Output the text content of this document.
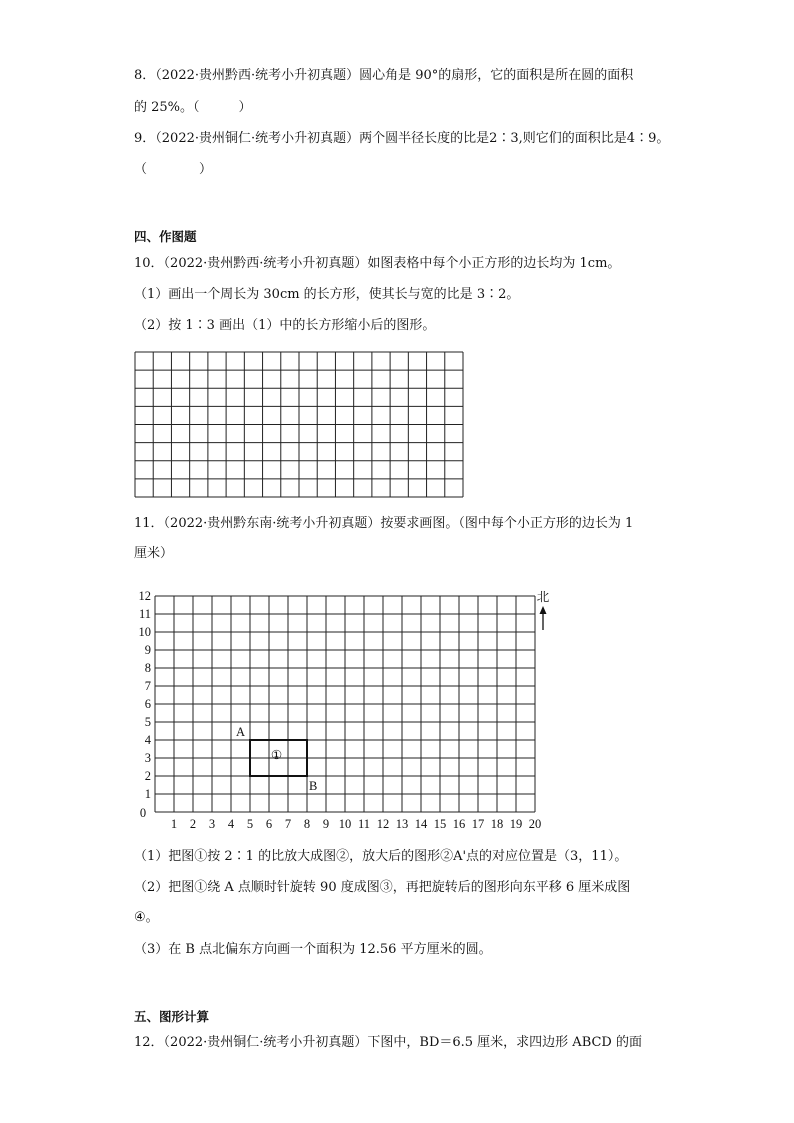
8．（2022·贵州黔西·统考小升初真题）圆心角是 90°的扇形，它的面积是所在圆的面积
的 25%。（　　　）
9．（2022·贵州铜仁·统考小升初真题）两个圆半径长度的比是2∶3,则它们的面积比是4∶9。
（　　　　）
四、作图题
10．（2022·贵州黔西·统考小升初真题）如图表格中每个小正方形的边长均为 1cm。
（1）画出一个周长为 30cm 的长方形，使其长与宽的比是 3∶2。
（2）按 1∶3 画出（1）中的长方形缩小后的图形。
11．（2022·贵州黔东南·统考小升初真题）按要求画图。（图中每个小正方形的边长为 1
厘米）
0
1 2 3 4 5 6 7 8 9 10 11 12 13 14 15 16 17 18 19 20
1
2
3
4
5
6
7
8
9
10
11
12
A
B
①
北
（1）把图①按 2∶1 的比放大成图②，放大后的图形②A'点的对应位置是（3，11）。
（2）把图①绕 A 点顺时针旋转 90 度成图③，再把旋转后的图形向东平移 6 厘米成图
④。
（3）在 B 点北偏东方向画一个面积为 12.56 平方厘米的圆。
五、图形计算
12．（2022·贵州铜仁·统考小升初真题）下图中，BD＝6.5 厘米，求四边形 ABCD 的面
